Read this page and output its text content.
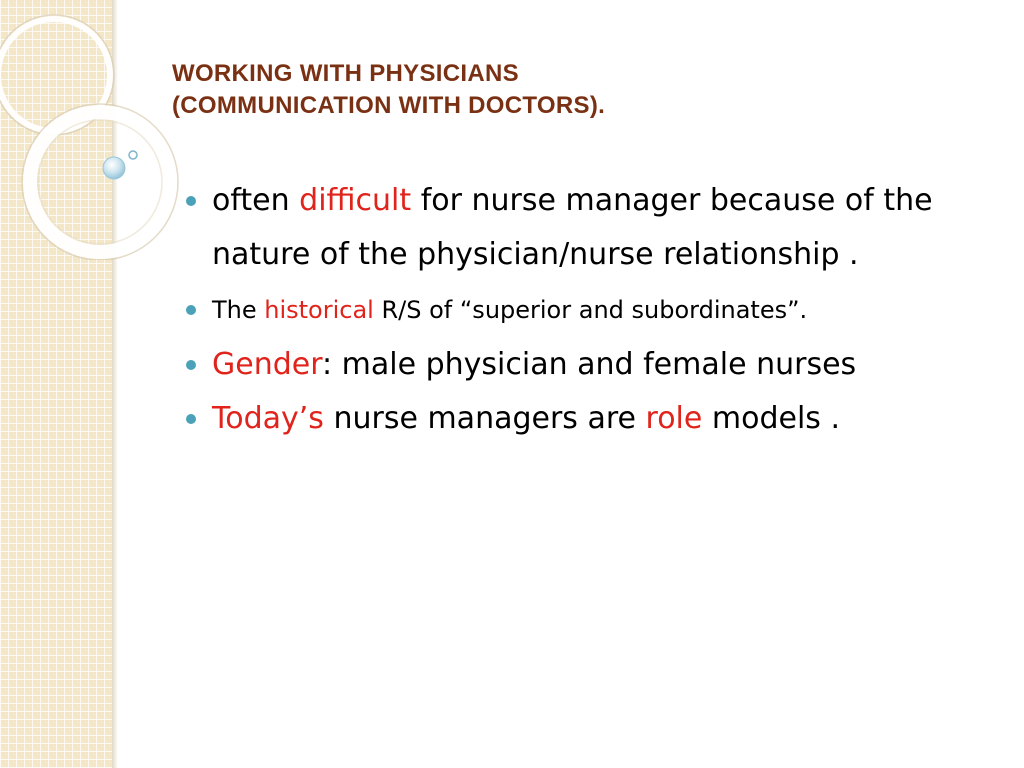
WORKING WITH PHYSICIANS
(COMMUNICATION WITH DOCTORS).
often difficult for nurse manager because of the nature of the physician/nurse relationship .
The historical R/S of “superior and subordinates”.
Gender: male physician and female nurses
Today’s nurse managers are role models .
